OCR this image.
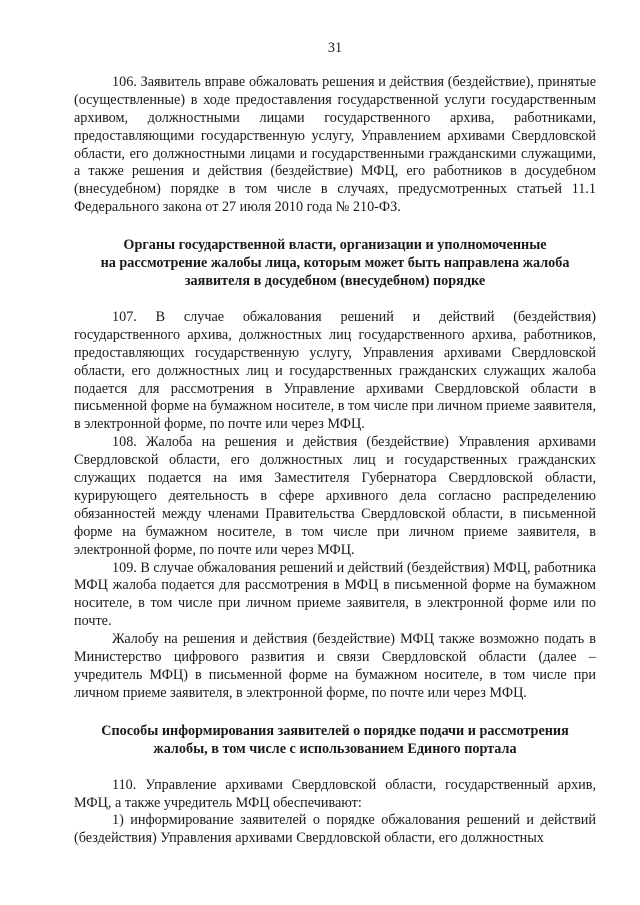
31

106. Заявитель вправе обжаловать решения и действия (бездействие), принятые (осуществленные) в ходе предоставления государственной услуги государственным архивом, должностными лицами государственного архива, работниками, предоставляющими государственную услугу, Управлением архивами Свердловской области, его должностными лицами и государственными гражданскими служащими, а также решения и действия (бездействие) МФЦ, его работников в досудебном (внесудебном) порядке в том числе в случаях, предусмотренных статьей 11.1 Федерального закона от 27 июля 2010 года № 210-ФЗ.

Органы государственной власти, организации и уполномоченные
на рассмотрение жалобы лица, которым может быть направлена жалоба
заявителя в досудебном (внесудебном) порядке

107. В случае обжалования решений и действий (бездействия) государственного архива, должностных лиц государственного архива, работников, предоставляющих государственную услугу, Управления архивами Свердловской области, его должностных лиц и государственных гражданских служащих жалоба подается для рассмотрения в Управление архивами Свердловской области в письменной форме на бумажном носителе, в том числе при личном приеме заявителя, в электронной форме, по почте или через МФЦ.

108. Жалоба на решения и действия (бездействие) Управления архивами Свердловской области, его должностных лиц и государственных гражданских служащих подается на имя Заместителя Губернатора Свердловской области, курирующего деятельность в сфере архивного дела согласно распределению обязанностей между членами Правительства Свердловской области, в письменной форме на бумажном носителе, в том числе при личном приеме заявителя, в электронной форме, по почте или через МФЦ.

109. В случае обжалования решений и действий (бездействия) МФЦ, работника МФЦ жалоба подается для рассмотрения в МФЦ в письменной форме на бумажном носителе, в том числе при личном приеме заявителя, в электронной форме или по почте.

Жалобу на решения и действия (бездействие) МФЦ также возможно подать в Министерство цифрового развития и связи Свердловской области (далее – учредитель МФЦ) в письменной форме на бумажном носителе, в том числе при личном приеме заявителя, в электронной форме, по почте или через МФЦ.

Способы информирования заявителей о порядке подачи и рассмотрения
жалобы, в том числе с использованием Единого портала

110. Управление архивами Свердловской области, государственный архив, МФЦ, а также учредитель МФЦ обеспечивают:

1) информирование заявителей о порядке обжалования решений и действий (бездействия) Управления архивами Свердловской области, его должностных
